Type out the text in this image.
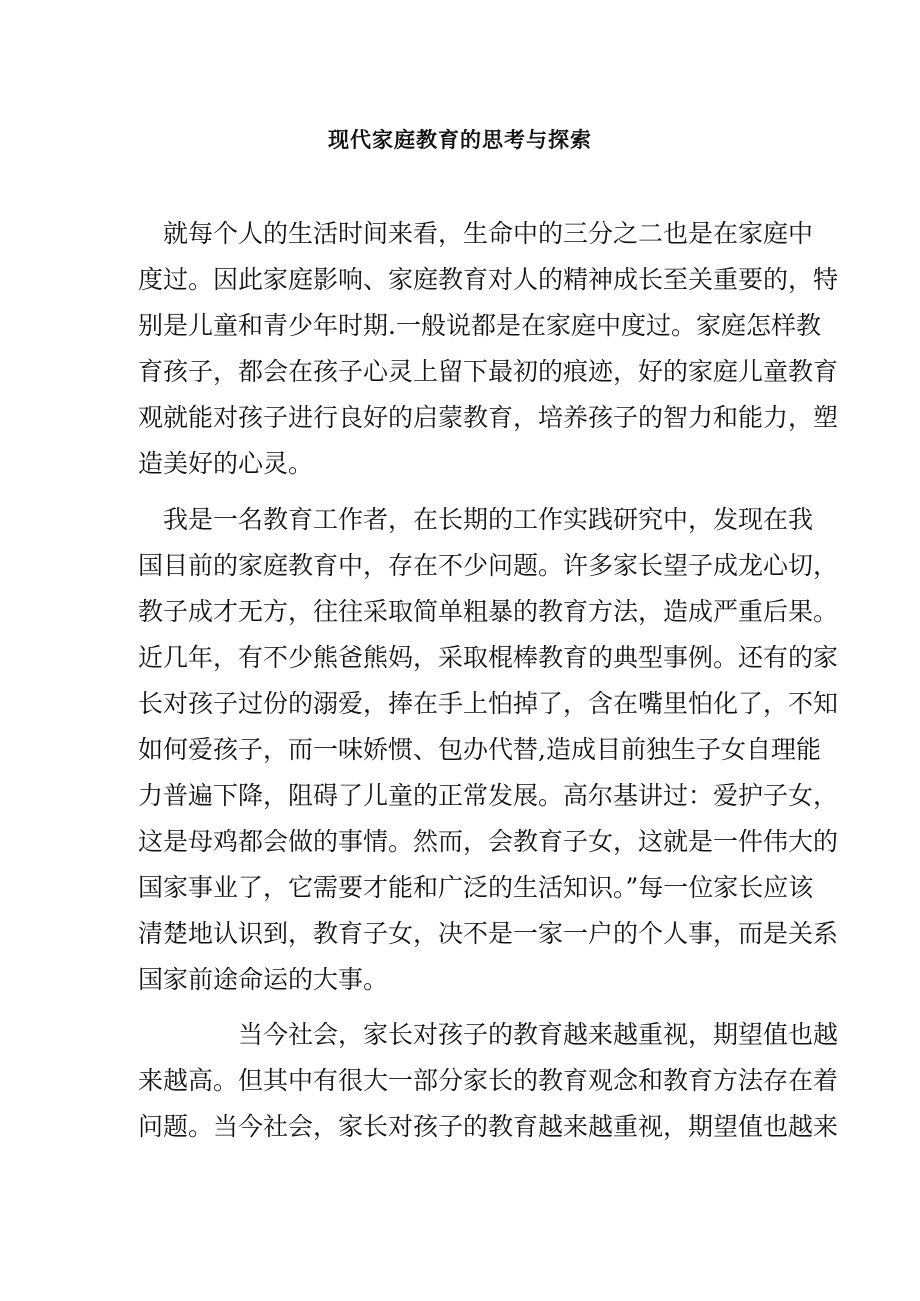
现代家庭教育的思考与探索
　就每个人的生活时间来看，生命中的三分之二也是在家庭中
度过。因此家庭影响、家庭教育对人的精神成长至关重要的，特
别是儿童和青少年时期.一般说都是在家庭中度过。家庭怎样教
育孩子，都会在孩子心灵上留下最初的痕迹，好的家庭儿童教育
观就能对孩子进行良好的启蒙教育，培养孩子的智力和能力，塑
造美好的心灵。
　我是一名教育工作者，在长期的工作实践研究中，发现在我
国目前的家庭教育中，存在不少问题。许多家长望子成龙心切，
教子成才无方，往往采取简单粗暴的教育方法，造成严重后果。
近几年，有不少熊爸熊妈，采取棍棒教育的典型事例。还有的家
长对孩子过份的溺爱，捧在手上怕掉了，含在嘴里怕化了，不知
如何爱孩子，而一味娇惯、包办代替,造成目前独生子女自理能
力普遍下降，阻碍了儿童的正常发展。高尔基讲过：爱护子女，
这是母鸡都会做的事情。然而，会教育子女，这就是一件伟大的
国家事业了，它需要才能和广泛的生活知识。”每一位家长应该
清楚地认识到，教育子女，决不是一家一户的个人事，而是关系
国家前途命运的大事。
　　　　当今社会，家长对孩子的教育越来越重视，期望值也越
来越高。但其中有很大一部分家长的教育观念和教育方法存在着
问题。当今社会，家长对孩子的教育越来越重视，期望值也越来
